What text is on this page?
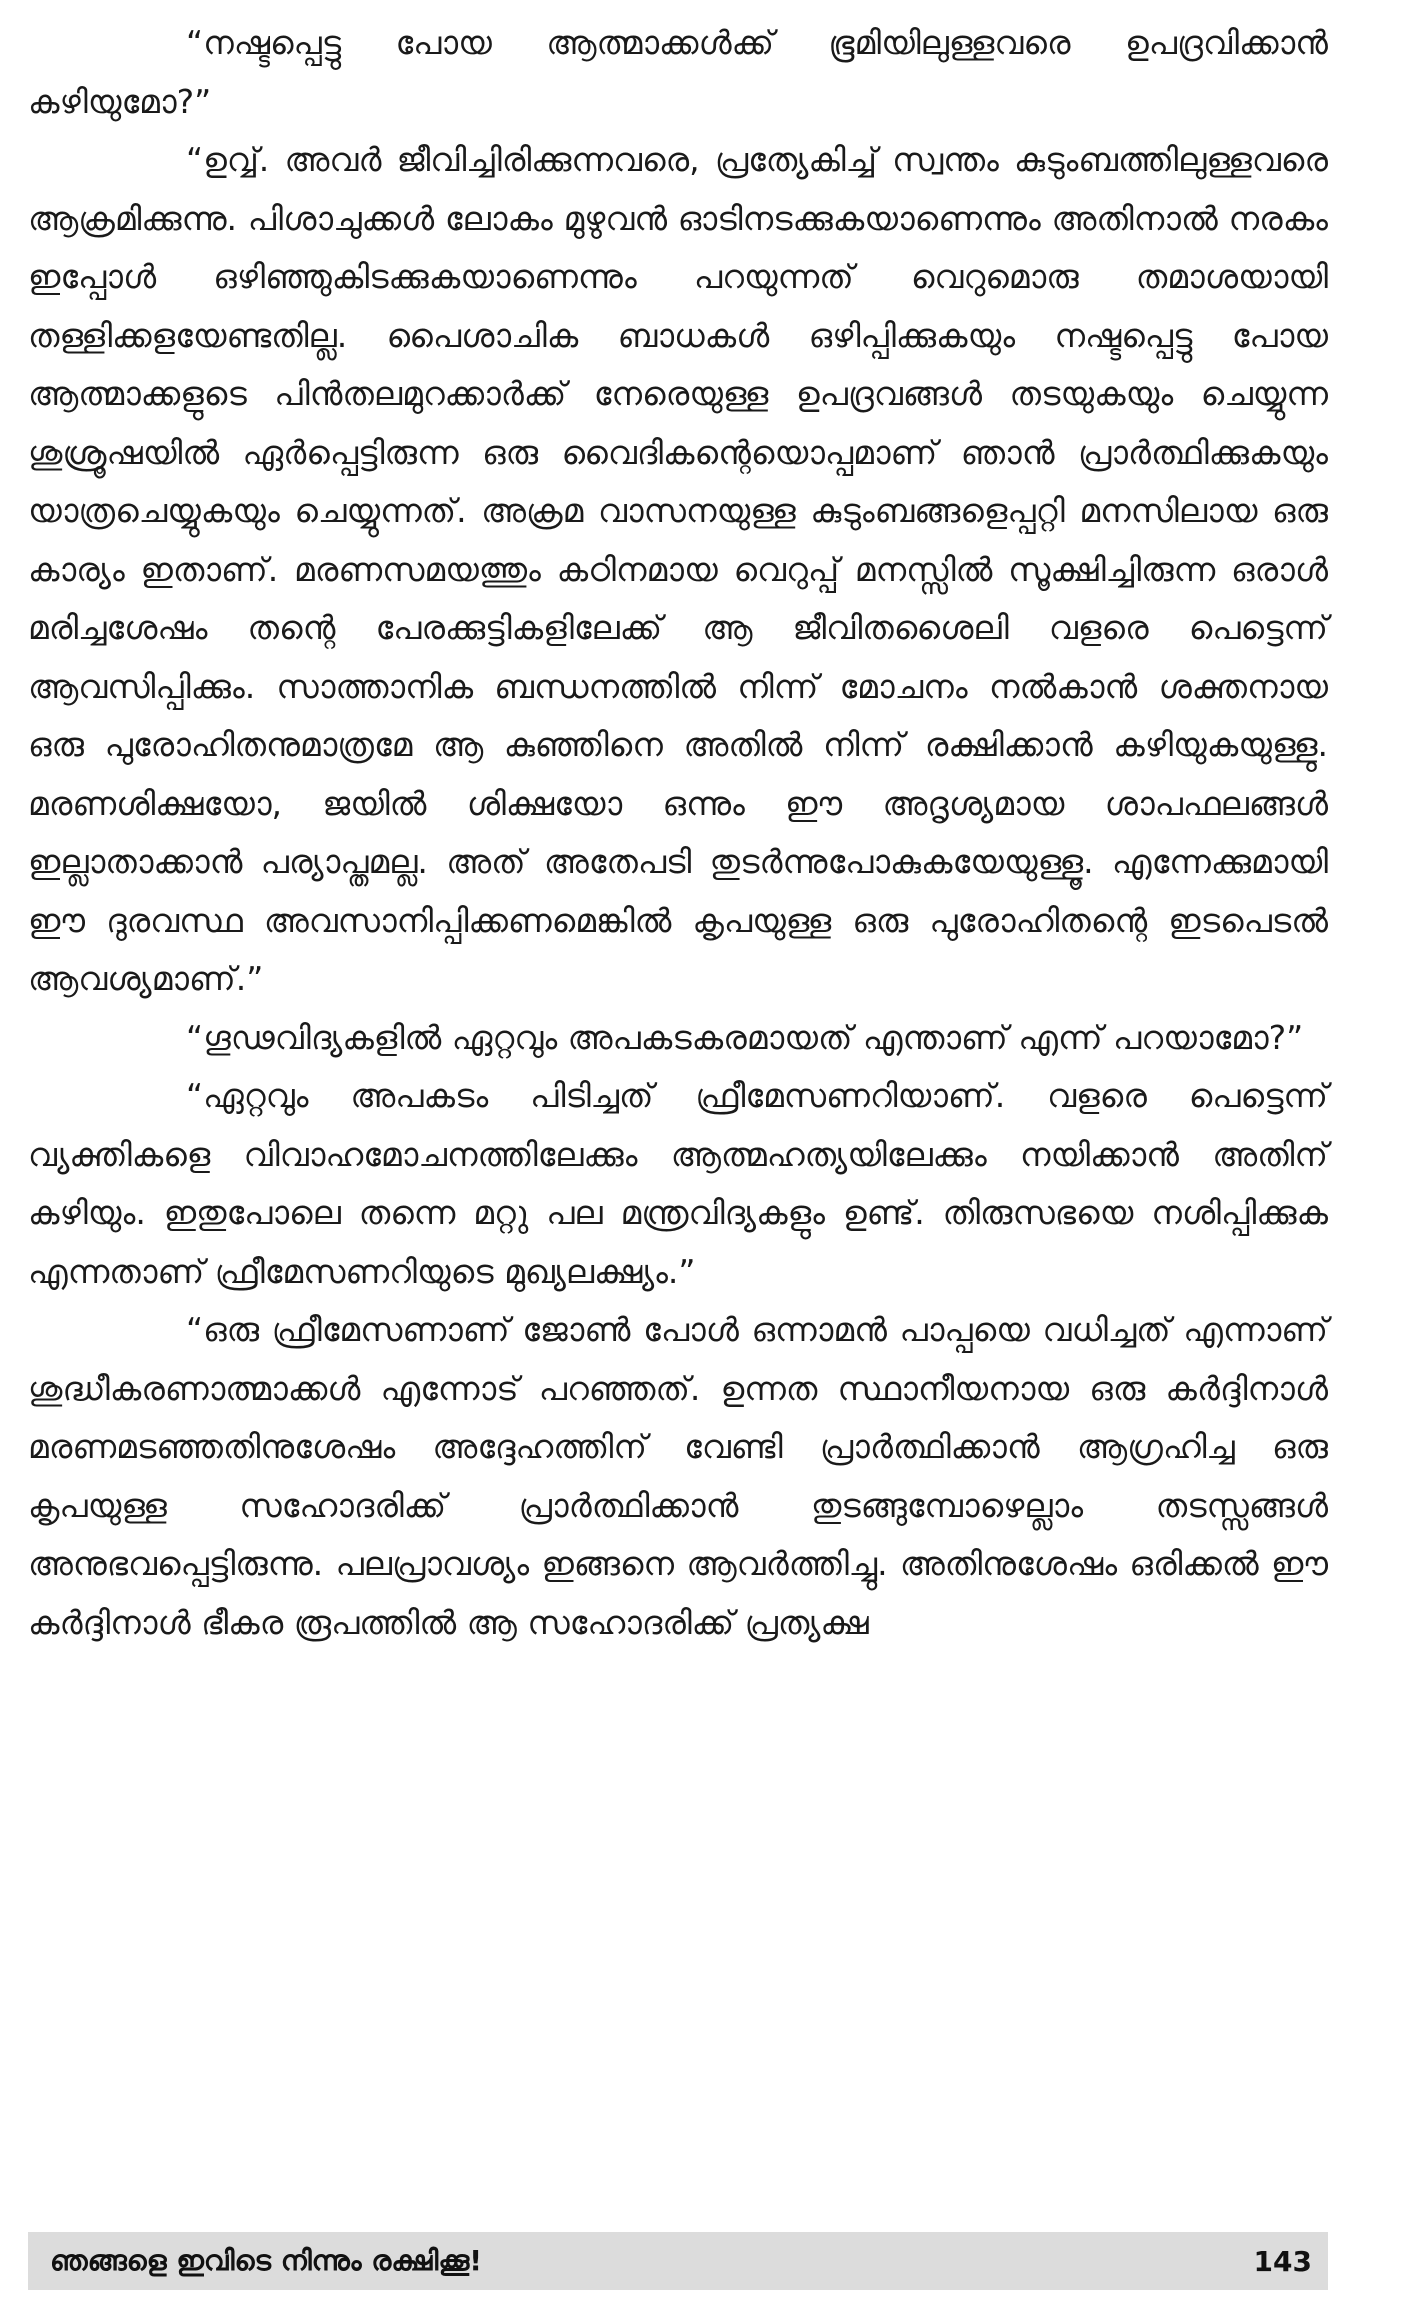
“നഷ്ടപ്പെട്ടു പോയ ആത്മാക്കൾക്ക് ഭൂമിയിലുള്ളവരെ ഉപദ്രവിക്കാൻ കഴിയുമോ?”

“ഉവ്വ്. അവർ ജീവിച്ചിരിക്കുന്നവരെ, പ്രത്യേകിച്ച് സ്വന്തം കുടുംബത്തിലുള്ളവരെ ആക്രമിക്കുന്നു. പിശാചുക്കൾ ലോകം മുഴുവൻ ഓടിനടക്കുകയാണെന്നും അതിനാൽ നരകം ഇപ്പോൾ ഒഴിഞ്ഞുകിടക്കുകയാണെന്നും പറയുന്നത് വെറുമൊരു തമാശയായി തള്ളിക്കളയേണ്ടതില്ല. പൈശാചിക ബാധകൾ ഒഴിപ്പിക്കുകയും നഷ്ടപ്പെട്ടു പോയ ആത്മാക്കളുടെ പിൻതലമുറക്കാർക്ക് നേരെയുള്ള ഉപദ്രവങ്ങൾ തടയുകയും ചെയ്യുന്ന ശുശ്രൂഷയിൽ ഏർപ്പെട്ടിരുന്ന ഒരു വൈദികന്റെയൊപ്പമാണ് ഞാൻ പ്രാർത്ഥിക്കുകയും യാത്രചെയ്യുകയും ചെയ്യുന്നത്. അക്രമ വാസനയുള്ള കുടുംബങ്ങളെപ്പറ്റി മനസിലായ ഒരു കാര്യം ഇതാണ്. മരണസമയത്തും കഠിനമായ വെറുപ്പ് മനസ്സിൽ സൂക്ഷിച്ചിരുന്ന ഒരാൾ മരിച്ചശേഷം തന്റെ പേരക്കുട്ടികളിലേക്ക് ആ ജീവിതശൈലി വളരെ പെട്ടെന്ന് ആവസിപ്പിക്കും. സാത്താനിക ബന്ധനത്തിൽ നിന്ന് മോചനം നൽകാൻ ശക്തനായ ഒരു പുരോഹിതനുമാത്രമേ ആ കുഞ്ഞിനെ അതിൽ നിന്ന് രക്ഷിക്കാൻ കഴിയുകയുള്ളു. മരണശിക്ഷയോ, ജയിൽ ശിക്ഷയോ ഒന്നും ഈ അദൃശ്യമായ ശാപഫലങ്ങൾ ഇല്ലാതാക്കാൻ പര്യാപ്തമല്ല. അത് അതേപടി തുടർന്നുപോകുകയേയുള്ളൂ. എന്നേക്കുമായി ഈ ദുരവസ്ഥ അവസാനിപ്പിക്കണമെങ്കിൽ കൃപയുള്ള ഒരു പുരോഹിതന്റെ ഇടപെടൽ ആവശ്യമാണ്.”

“ഗൂഢവിദ്യകളിൽ ഏറ്റവും അപകടകരമായത് എന്താണ് എന്ന് പറയാമോ?”

“ഏറ്റവും അപകടം പിടിച്ചത് ഫ്രീമേസണറിയാണ്. വളരെ പെട്ടെന്ന് വ്യക്തികളെ വിവാഹമോചനത്തിലേക്കും ആത്മഹത്യയിലേക്കും നയിക്കാൻ അതിന് കഴിയും. ഇതുപോലെ തന്നെ മറ്റു പല മന്ത്രവിദ്യകളും ഉണ്ട്. തിരുസഭയെ നശിപ്പിക്കുക എന്നതാണ് ഫ്രീമേസണറിയുടെ മുഖ്യലക്ഷ്യം.”

“ഒരു ഫ്രീമേസണാണ് ജോൺ പോൾ ഒന്നാമൻ പാപ്പയെ വധിച്ചത് എന്നാണ് ശുദ്ധീകരണാത്മാക്കൾ എന്നോട് പറഞ്ഞത്. ഉന്നത സ്ഥാനീയനായ ഒരു കർദ്ദിനാൾ മരണമടഞ്ഞതിനുശേഷം അദ്ദേഹത്തിന് വേണ്ടി പ്രാർത്ഥിക്കാൻ ആഗ്രഹിച്ച ഒരു കൃപയുള്ള സഹോദരിക്ക് പ്രാർത്ഥിക്കാൻ തുടങ്ങുമ്പോഴെല്ലാം തടസ്സങ്ങൾ അനുഭവപ്പെട്ടിരുന്നു. പലപ്രാവശ്യം ഇങ്ങനെ ആവർത്തിച്ചു. അതിനുശേഷം ഒരിക്കൽ ഈ കർദ്ദിനാൾ ഭീകര രൂപത്തിൽ ആ സഹോദരിക്ക് പ്രത്യക്ഷ

ഞങ്ങളെ ഇവിടെ നിന്നും രക്ഷിക്കൂ!	143
